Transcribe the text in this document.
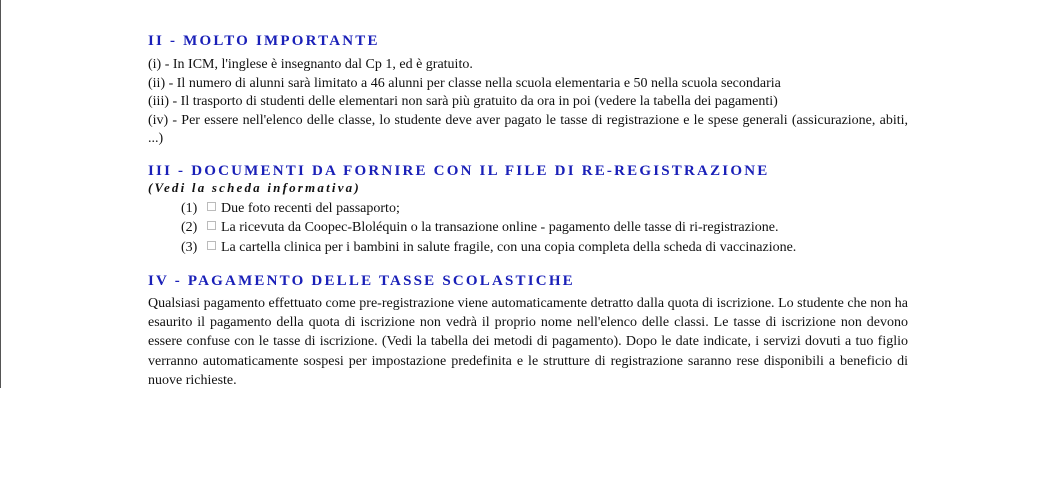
II - MOLTO IMPORTANTE

(i) - In ICM, l'inglese è insegnanto dal Cp 1, ed è gratuito.

(ii) - Il numero di alunni sarà limitato a 46 alunni per classe nella scuola elementaria e 50 nella scuola secondaria

(iii) - Il trasporto di studenti delle elementari non sarà più gratuito da ora in poi (vedere la tabella dei pagamenti)

(iv) - Per essere nell'elenco delle classe, lo studente deve aver pagato le tasse di registrazione e le spese generali (assicurazione, abiti, ...)

III - DOCUMENTI DA FORNIRE CON IL FILE DI RE-REGISTRAZIONE
(Vedi la scheda informativa)
(1)	Due foto recenti del passaporto;
(2)	La ricevuta da Coopec-Bloléquin o la transazione online - pagamento delle tasse di ri-registrazione.
(3)	La cartella clinica per i bambini in salute fragile, con una copia completa della scheda di vaccinazione.
IV - PAGAMENTO DELLE TASSE SCOLASTICHE

Qualsiasi pagamento effettuato come pre-registrazione viene automaticamente detratto dalla quota di iscrizione. Lo studente che non ha esaurito il pagamento della quota di iscrizione non vedrà il proprio nome nell'elenco delle classi. Le tasse di iscrizione non devono essere confuse con le tasse di iscrizione. (Vedi la tabella dei metodi di pagamento). Dopo le date indicate, i servizi dovuti a tuo figlio verranno automaticamente sospesi per impostazione predefinita e le strutture di registrazione saranno rese disponibili a beneficio di nuove richieste.
